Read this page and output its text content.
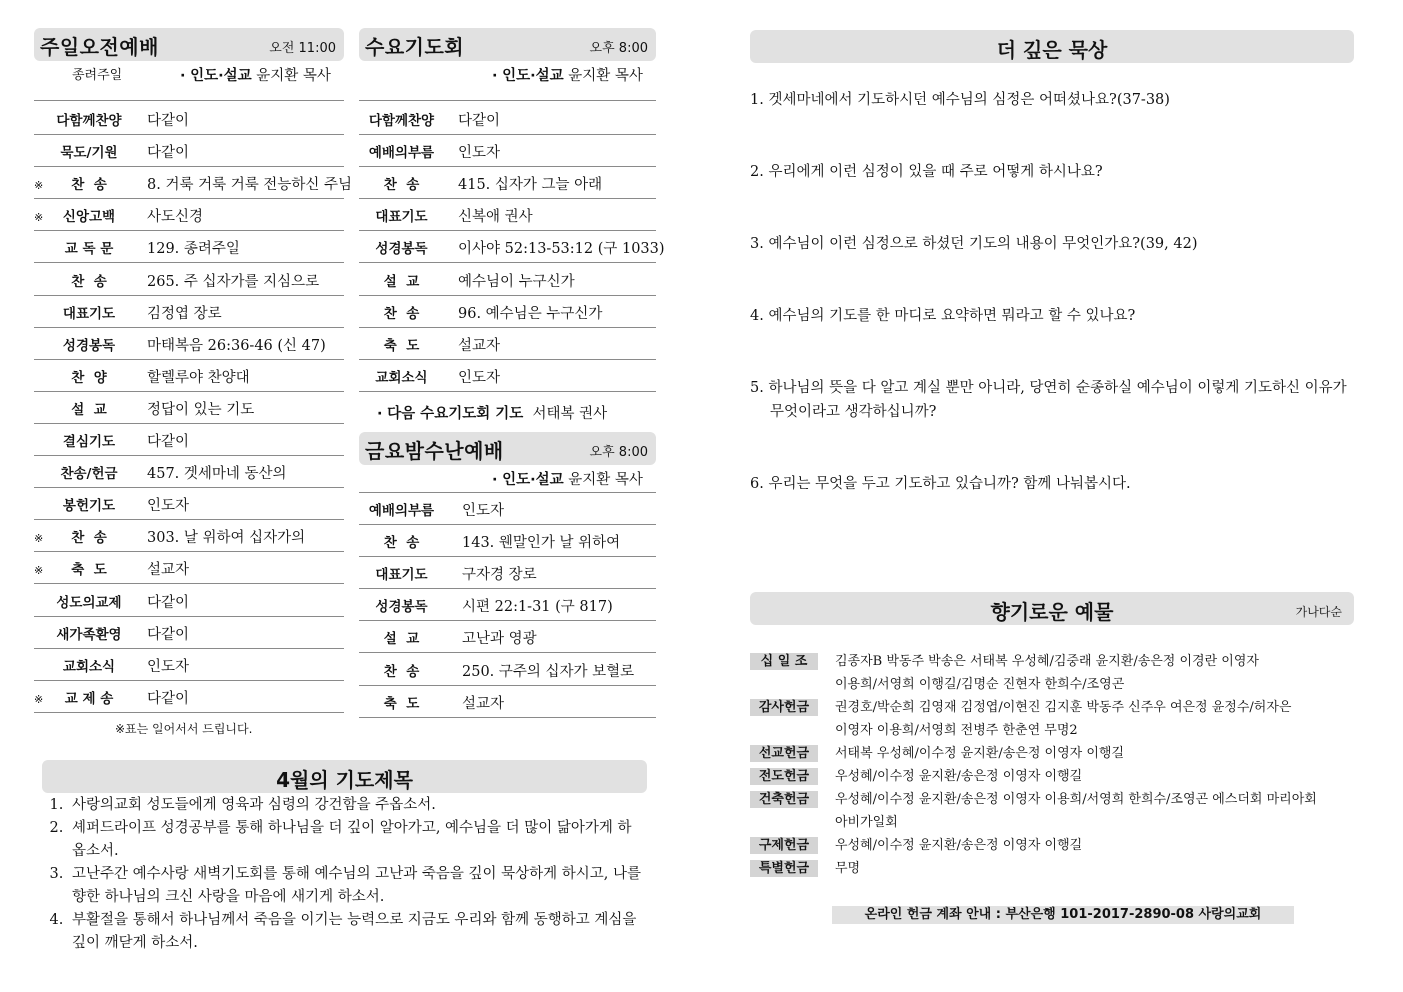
주일오전예배	오전 11:00
종려주일	· 인도·설교 윤지환 목사
다함께찬양	다같이
묵도/기원	다같이
※	찬  송	8. 거룩 거룩 거룩 전능하신 주님
※	신앙고백	사도신경
교 독 문	129. 종려주일
찬  송	265. 주 십자가를 지심으로
대표기도	김정엽 장로
성경봉독	마태복음 26:36-46 (신 47)
찬  양	할렐루야 찬양대
설  교	정답이 있는 기도
결심기도	다같이
찬송/헌금	457. 겟세마네 동산의
봉헌기도	인도자
※	찬  송	303. 날 위하여 십자가의
※	축  도	설교자
성도의교제	다같이
새가족환영	다같이
교회소식	인도자
※	교 제 송	다같이
※표는 일어서서 드립니다.
수요기도회	오후 8:00
· 인도·설교 윤지환 목사
다함께찬양	다같이
예배의부름	인도자
찬  송	415. 십자가 그늘 아래
대표기도	신복애 권사
성경봉독	이사야 52:13-53:12 (구 1033)
설  교	예수님이 누구신가
찬  송	96. 예수님은 누구신가
축  도	설교자
교회소식	인도자
· 다음 수요기도회 기도 서태복 권사
금요밤수난예배	오후 8:00
· 인도·설교 윤지환 목사
예배의부름	인도자
찬  송	143. 웬말인가 날 위하여
대표기도	구자경 장로
성경봉독	시편 22:1-31 (구 817)
설  교	고난과 영광
찬  송	250. 구주의 십자가 보혈로
축  도	설교자
4월의 기도제목
1. 사랑의교회 성도들에게 영육과 심령의 강건함을 주옵소서.
2. 셰퍼드라이프 성경공부를 통해 하나님을 더 깊이 알아가고, 예수님을 더 많이 닮아가게 하옵소서.
3. 고난주간 예수사랑 새벽기도회를 통해 예수님의 고난과 죽음을 깊이 묵상하게 하시고, 나를 향한 하나님의 크신 사랑을 마음에 새기게 하소서.
4. 부활절을 통해서 하나님께서 죽음을 이기는 능력으로 지금도 우리와 함께 동행하고 계심을 깊이 깨닫게 하소서.
더 깊은 묵상
1. 겟세마네에서 기도하시던 예수님의 심정은 어떠셨나요?(37-38)
2. 우리에게 이런 심정이 있을 때 주로 어떻게 하시나요?
3. 예수님이 이런 심정으로 하셨던 기도의 내용이 무엇인가요?(39, 42)
4. 예수님의 기도를 한 마디로 요약하면 뭐라고 할 수 있나요?
5. 하나님의 뜻을 다 알고 계실 뿐만 아니라, 당연히 순종하실 예수님이 이렇게 기도하신 이유가 무엇이라고 생각하십니까?
6. 우리는 무엇을 두고 기도하고 있습니까? 함께 나눠봅시다.
향기로운 예물	가나다순
십 일 조	김종자B 박동주 박송은 서태복 우성혜/김중래 윤지환/송은정 이경란 이영자
이용희/서영희 이행길/김명순 진현자 한희수/조영곤
감사헌금	권경호/박순희 김영재 김정엽/이현진 김지훈 박동주 신주우 여은정 윤정수/허자은
이영자 이용희/서영희 전병주 한춘연 무명2
선교헌금	서태복 우성혜/이수정 윤지환/송은정 이영자 이행길
전도헌금	우성혜/이수정 윤지환/송은정 이영자 이행길
건축헌금	우성혜/이수정 윤지환/송은정 이영자 이용희/서영희 한희수/조영곤 에스더회 마리아회
아비가일회
구제헌금	우성혜/이수정 윤지환/송은정 이영자 이행길
특별헌금	무명
온라인 헌금 계좌 안내 : 부산은행 101-2017-2890-08 사랑의교회
